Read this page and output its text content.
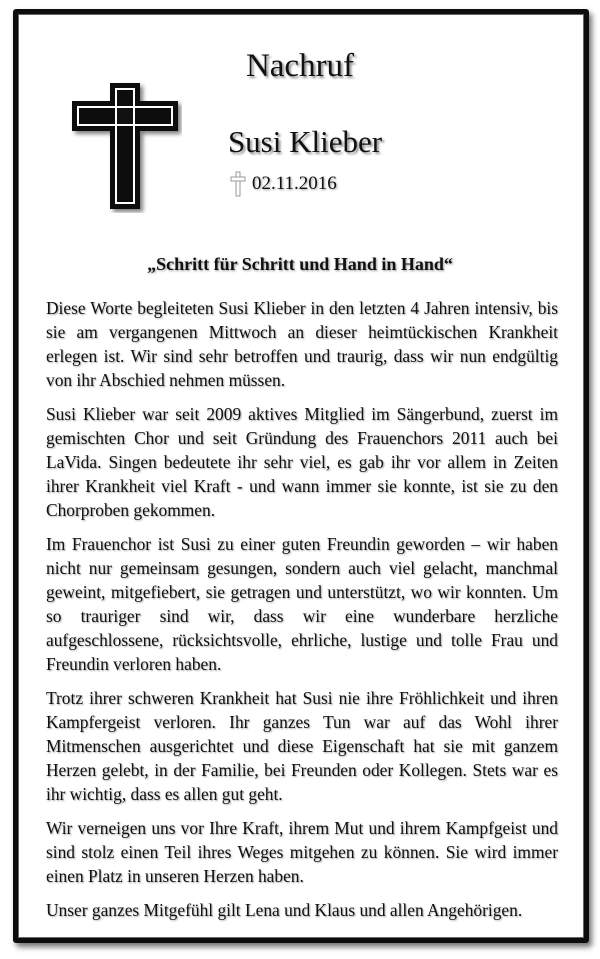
Nachruf
Susi Klieber
02.11.2016
„Schritt für Schritt und Hand in Hand“

Diese Worte begleiteten Susi Klieber in den letzten 4 Jahren intensiv, bis sie am vergangenen Mittwoch an dieser heimtückischen Krankheit erlegen ist. Wir sind sehr betroffen und traurig, dass wir nun endgültig von ihr Abschied nehmen müssen.

Susi Klieber war seit 2009 aktives Mitglied im Sängerbund, zuerst im gemischten Chor und seit Gründung des Frauenchors 2011 auch bei LaVida. Singen bedeutete ihr sehr viel, es gab ihr vor allem in Zeiten ihrer Krankheit viel Kraft - und wann immer sie konnte, ist sie zu den Chorproben gekommen.

Im Frauenchor ist Susi zu einer guten Freundin geworden – wir haben nicht nur gemeinsam gesungen, sondern auch viel gelacht, manchmal geweint, mitgefiebert, sie getragen und unterstützt, wo wir konnten. Um so trauriger sind wir, dass wir eine wunderbare herzliche aufgeschlossene, rücksichtsvolle, ehrliche, lustige und tolle Frau und Freundin verloren haben.

Trotz ihrer schweren Krankheit hat Susi nie ihre Fröhlichkeit und ihren Kampfergeist verloren. Ihr ganzes Tun war auf das Wohl ihrer Mitmenschen ausgerichtet und diese Eigenschaft hat sie mit ganzem Herzen gelebt, in der Familie, bei Freunden oder Kollegen. Stets war es ihr wichtig, dass es allen gut geht.

Wir verneigen uns vor Ihre Kraft, ihrem Mut und ihrem Kampfgeist und sind stolz einen Teil ihres Weges mitgehen zu können. Sie wird immer einen Platz in unseren Herzen haben.

Unser ganzes Mitgefühl gilt Lena und Klaus und allen Angehörigen.
